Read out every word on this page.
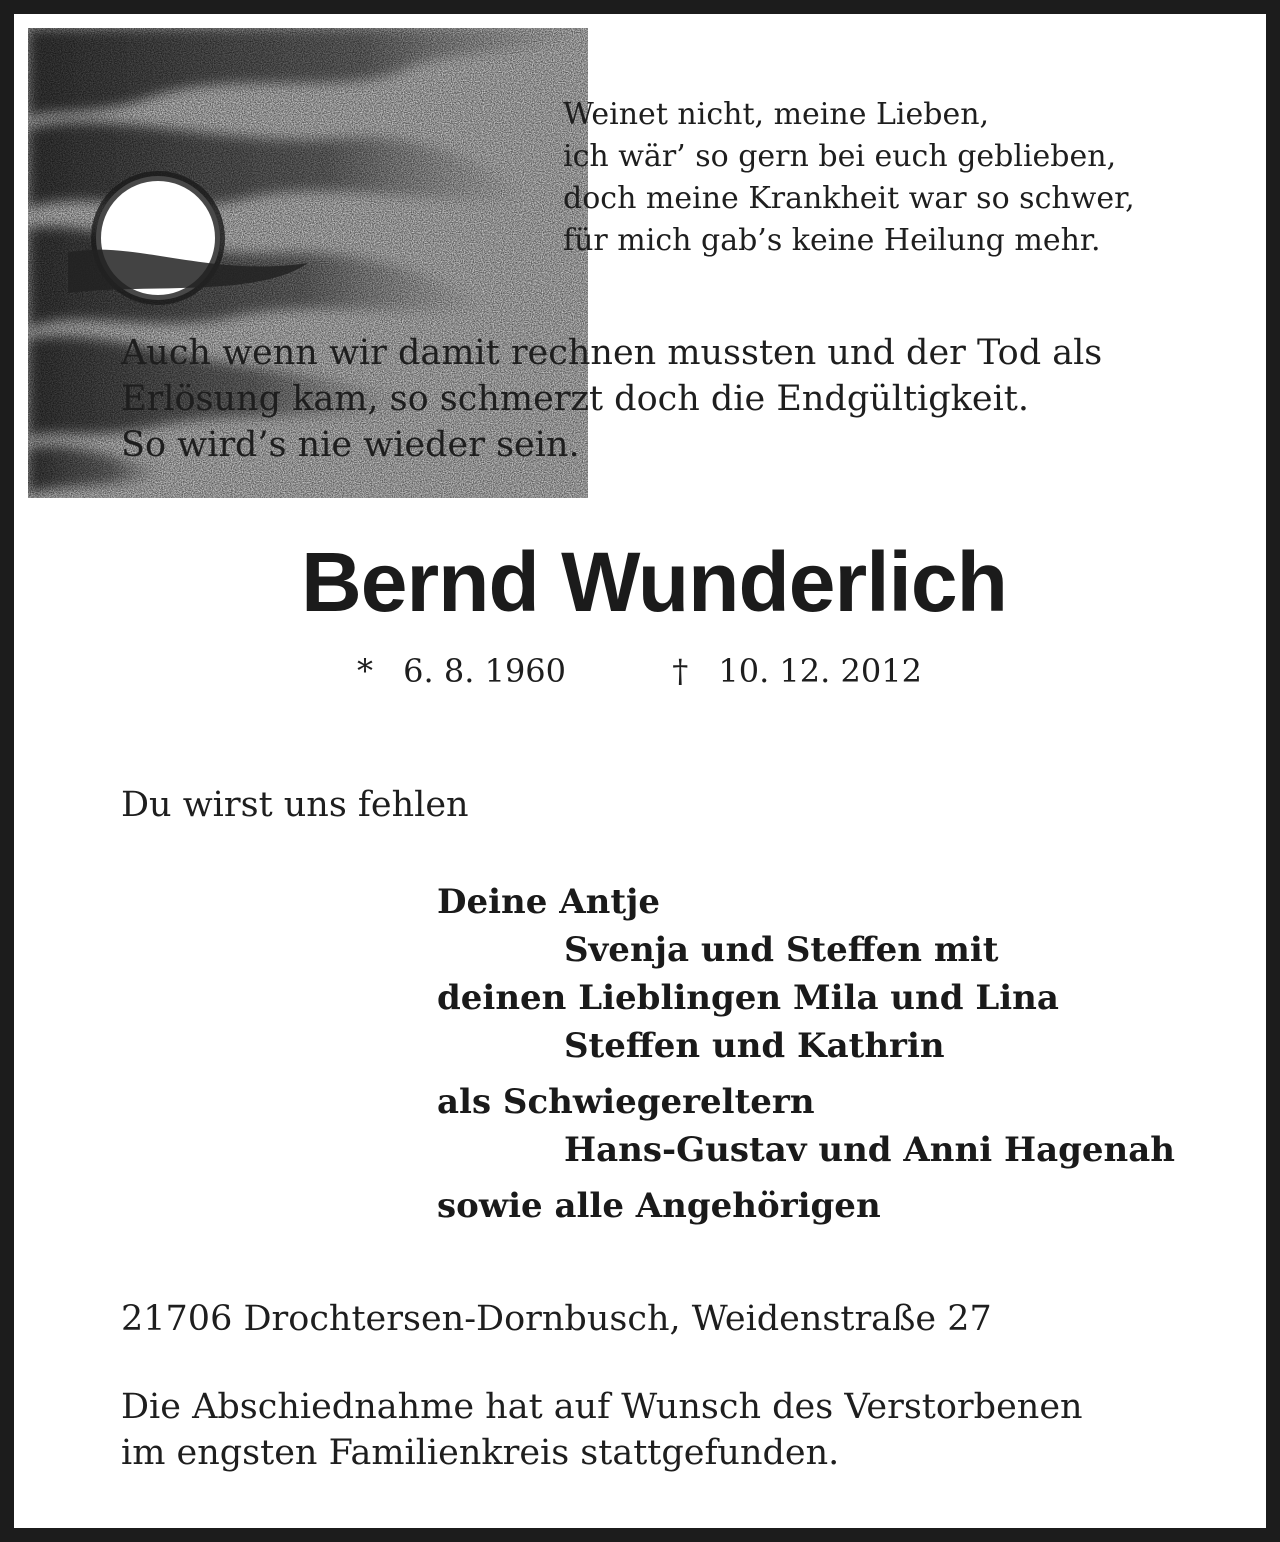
Weinet nicht, meine Lieben,
ich wär’ so gern bei euch geblieben,
doch meine Krankheit war so schwer,
für mich gab’s keine Heilung mehr.
Auch wenn wir damit rechnen mussten und der Tod als
Erlösung kam, so schmerzt doch die Endgültigkeit.
So wird’s nie wieder sein.
Bernd Wunderlich
* 6. 8. 1960	† 10. 12. 2012

Du wirst uns fehlen

Deine Antje
Svenja und Steffen mit
deinen Lieblingen Mila und Lina
Steffen und Kathrin
als Schwiegereltern
Hans-Gustav und Anni Hagenah
sowie alle Angehörigen

21706 Drochtersen-Dornbusch, Weidenstraße 27

Die Abschiednahme hat auf Wunsch des Verstorbenen
im engsten Familienkreis stattgefunden.
